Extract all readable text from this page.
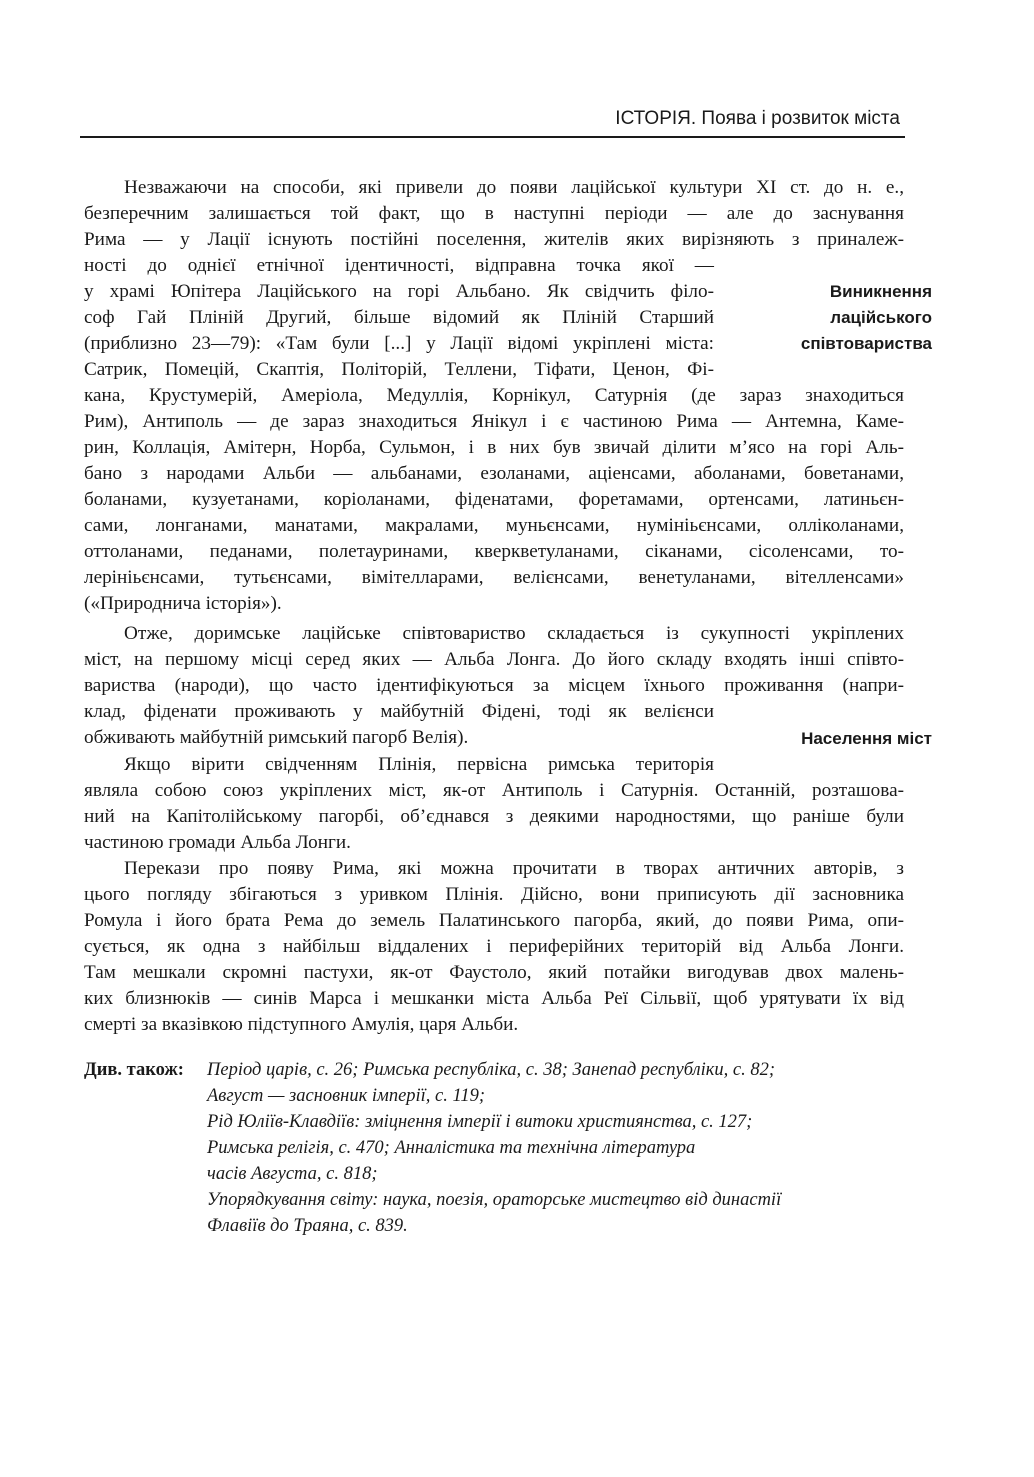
ІСТОРІЯ. Поява і розвиток міста
Незважаючи на способи, які привели до появи лаційської культури XI ст. до н. е.,
безперечним залишається той факт, що в наступні періоди — але до заснування
Рима — у Лації існують постійні поселення, жителів яких вирізняють з приналеж-
ності до однієї етнічної ідентичності, відправна точка якої —
у храмі Юпітера Лаційського на горі Альбано. Як свідчить філо-
соф Гай Пліній Другий, більше відомий як Пліній Старший
(приблизно 23—79): «Там були [...] у Лації відомі укріплені міста:
Сатрик, Помецій, Скаптія, Політорій, Теллени, Тіфати, Ценон, Фі-
кана, Крустумерій, Амеріола, Медуллія, Корнікул, Сатурнія (де зараз знаходиться
Рим), Антиполь — де зараз знаходиться Янікул і є частиною Рима — Антемна, Каме-
рин, Коллація, Амітерн, Норба, Сульмон, і в них був звичай ділити м’ясо на горі Аль-
бано з народами Альби — альбанами, езоланами, аціенсами, аболанами, боветанами,
боланами, кузуетанами, коріоланами, фіденатами, форетамами, ортенсами, латиньєн-
сами, лонганами, манатами, макралами, муньєнсами, нумініьєнсами, олліколанами,
оттоланами, педанами, полетауринами, кверкветуланами, сіканами, сісоленсами, то-
лерініьєнсами, тутьєнсами, вімітелларами, велієнсами, венетуланами, вітелленсами»
(«Природнича історія»).
Отже, доримське лаційське співтовариство складається із сукупності укріплених
міст, на першому місці серед яких — Альба Лонга. До його складу входять інші співто-
вариства (народи), що часто ідентифікуються за місцем їхнього проживання (напри-
клад, фіденати проживають у майбутній Фідені, тоді як велієнси
обживають майбутній римський пагорб Велія).
Якщо вірити свідченням Плінія, первісна римська територія
являла собою союз укріплених міст, як-от Антиполь і Сатурнія. Останній, розташова-
ний на Капітолійському пагорбі, об’єднався з деякими народностями, що раніше були
частиною громади Альба Лонги.
Перекази про появу Рима, які можна прочитати в творах античних авторів, з
цього погляду збігаються з уривком Плінія. Дійсно, вони приписують дії засновника
Ромула і його брата Рема до земель Палатинського пагорба, який, до появи Рима, опи-
сується, як одна з найбільш віддалених і периферійних територій від Альба Лонги.
Там мешкали скромні пастухи, як-от Фаустоло, який потайки вигодував двох малень-
ких близнюків — синів Марса і мешканки міста Альба Реї Сільвії, щоб урятувати їх від
смерті за вказівкою підступного Амулія, царя Альби.
Виникнення
лаційського
співтовариства
Населення міст
Див. також: Період царів, с. 26; Римська республіка, с. 38; Занепад республіки, с. 82;
Август — засновник імперії, с. 119;
Рід Юліїв-Клавдіїв: зміцнення імперії і витоки християнства, с. 127;
Римська релігія, с. 470; Анналістика та технічна література
часів Августа, с. 818;
Упорядкування світу: наука, поезія, ораторське мистецтво від династії
Флавіїв до Траяна, с. 839.
